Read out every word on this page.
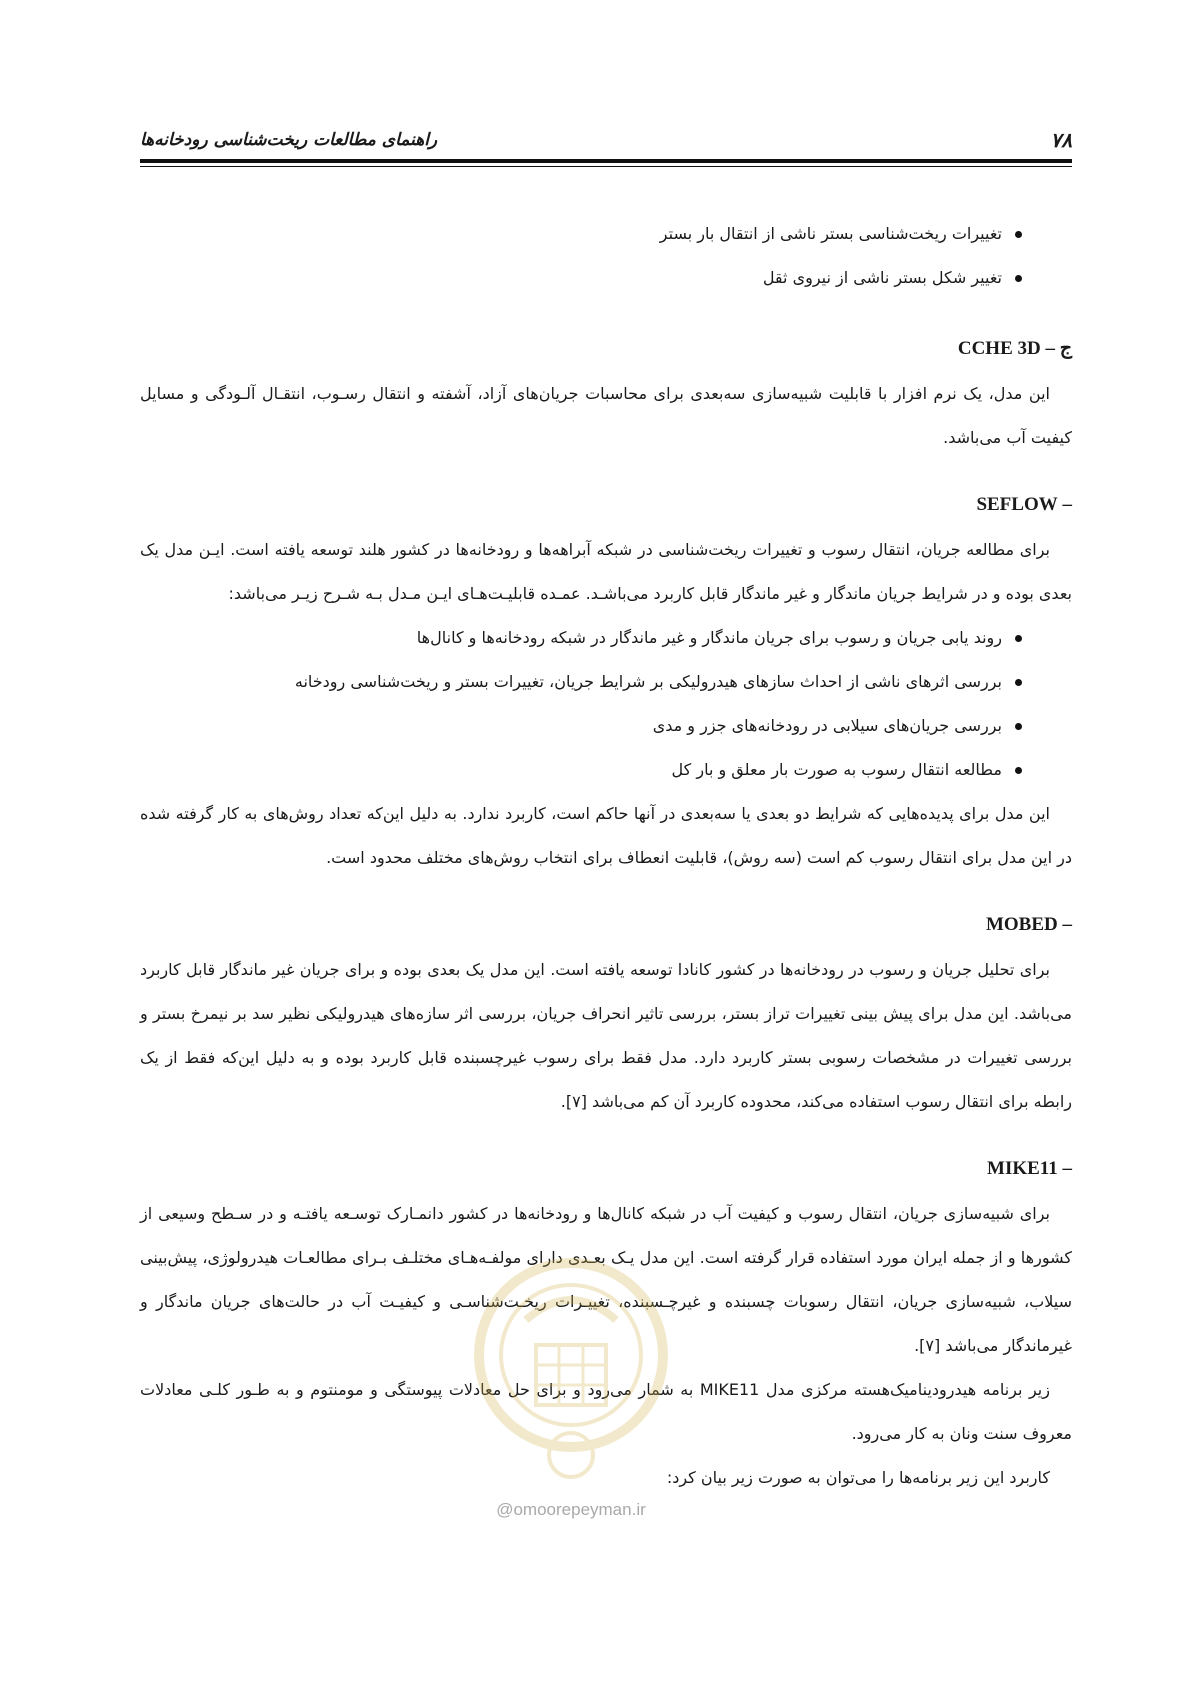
۷۸
راهنمای مطالعات ریخت‌شناسی رودخانه‌ها
تغییرات ریخت‌شناسی بستر ناشی از انتقال بار بستر
تغییر شکل بستر ناشی از نیروی ثقل
ج – CCHE 3D

این مدل، یک نرم افزار با قابلیت شبیه‌سازی سه‌بعدی برای محاسبات جریان‌های آزاد، آشفته و انتقال رسـوب، انتقـال آلـودگی و مسایل کیفیت آب می‌باشد.

– SEFLOW

برای مطالعه جریان، انتقال رسوب و تغییرات ریخت‌شناسی در شبکه آبراهه‌ها و رودخانه‌ها در کشور هلند توسعه یافته است. ایـن مدل یک بعدی بوده و در شرایط جریان ماندگار و غیر ماندگار قابل کاربرد می‌باشـد. عمـده قابلیـت‌هـای ایـن مـدل بـه شـرح زیـر می‌باشد:

روند یابی جریان و رسوب برای جریان ماندگار و غیر ماندگار در شبکه رودخانه‌ها و کانال‌ها
بررسی اثرهای ناشی از احداث سازهای هیدرولیکی بر شرایط جریان، تغییرات بستر و ریخت‌شناسی رودخانه
بررسی جریان‌های سیلابی در رودخانه‌های جزر و مدی
مطالعه انتقال رسوب به صورت بار معلق و بار کل

این مدل برای پدیده‌هایی که شرایط دو بعدی یا سه‌بعدی در آنها حاکم است، کاربرد ندارد. به دلیل این‌که تعداد روش‌های به کار گرفته شده در این مدل برای انتقال رسوب کم است (سه روش)، قابلیت انعطاف برای انتخاب روش‌های مختلف محدود است.

– MOBED

برای تحلیل جریان و رسوب در رودخانه‌ها در کشور کانادا توسعه یافته است. این مدل یک بعدی بوده و برای جریان غیر ماندگار قابل کاربرد می‌باشد. این مدل برای پیش بینی تغییرات تراز بستر، بررسی تاثیر انحراف جریان، بررسی اثر سازه‌های هیدرولیکی نظیر سد بر نیمرخ بستر و بررسی تغییرات در مشخصات رسوبی بستر کاربرد دارد. مدل فقط برای رسوب غیرچسبنده قابل کاربرد بوده و به دلیل این‌که فقط از یک رابطه برای انتقال رسوب استفاده می‌کند، محدوده کاربرد آن کم می‌باشد [۷].

– MIKE11

برای شبیه‌سازی جریان، انتقال رسوب و کیفیت آب در شبکه کانال‌ها و رودخانه‌ها در کشور دانمـارک توسـعه یافتـه و در سـطح وسیعی از کشورها و از جمله ایران مورد استفاده قرار گرفته است. این مدل یـک بعـدی دارای مولفـه‌هـای مختلـف بـرای مطالعـات هیدرولوژی، پیش‌بینی سیلاب، شبیه‌سازی جریان، انتقال رسوبات چسبنده و غیرچـسبنده، تغییـرات ریخـت‌شناسـی و کیفیـت آب در حالت‌های جریان ماندگار و غیرماندگار می‌باشد [۷].

زیر برنامه هیدرودینامیک‌هسته مرکزی مدل MIKE11 به شمار می‌رود و برای حل معادلات پیوستگی و مومنتوم و به طـور کلـی معادلات معروف سنت ونان به کار می‌رود.

کاربرد این زیر برنامه‌ها را می‌توان به صورت زیر بیان کرد:

@omoorepeyman.ir
